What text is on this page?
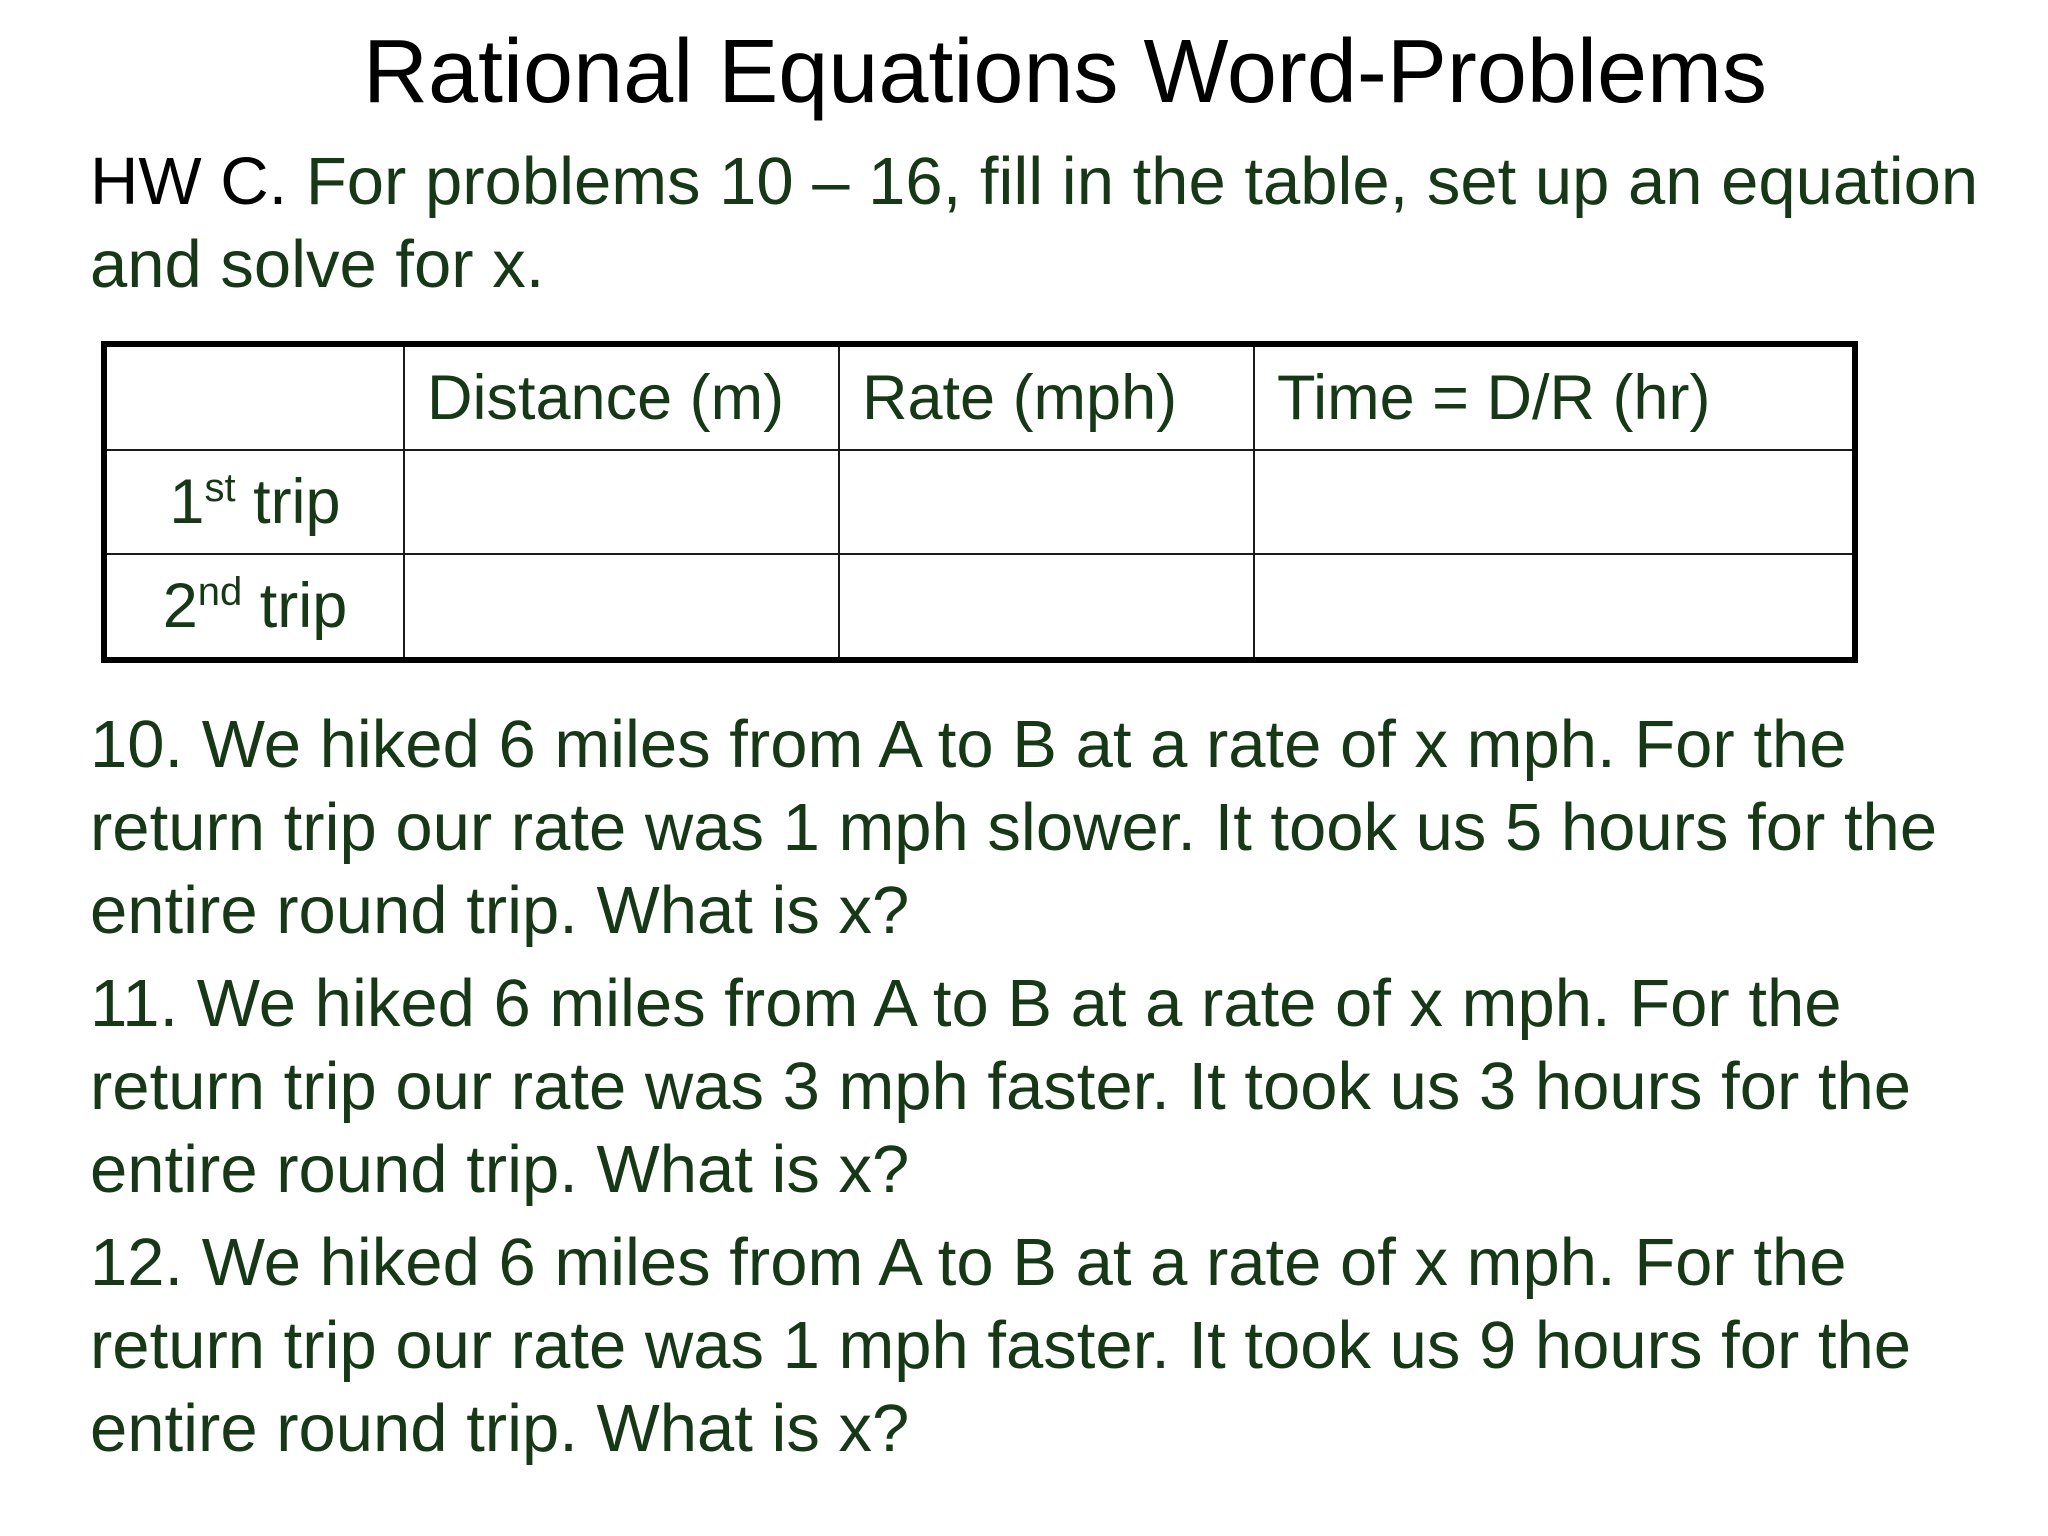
Rational Equations Word-Problems
HW C. For problems 10 – 16, fill in the table, set up an equation and solve for x.
	Distance (m)	Rate (mph)	Time = D/R (hr)
1st trip			
2nd trip			
10. We hiked 6 miles from A to B at a rate of x mph. For the return trip our rate was 1 mph slower. It took us 5 hours for the entire round trip. What is x?
11. We hiked 6 miles from A to B at a rate of x mph. For the return trip our rate was 3 mph faster. It took us 3 hours for the entire round trip. What is x?
12. We hiked 6 miles from A to B at a rate of x mph. For the return trip our rate was 1 mph faster. It took us 9 hours for the entire round trip. What is x?
